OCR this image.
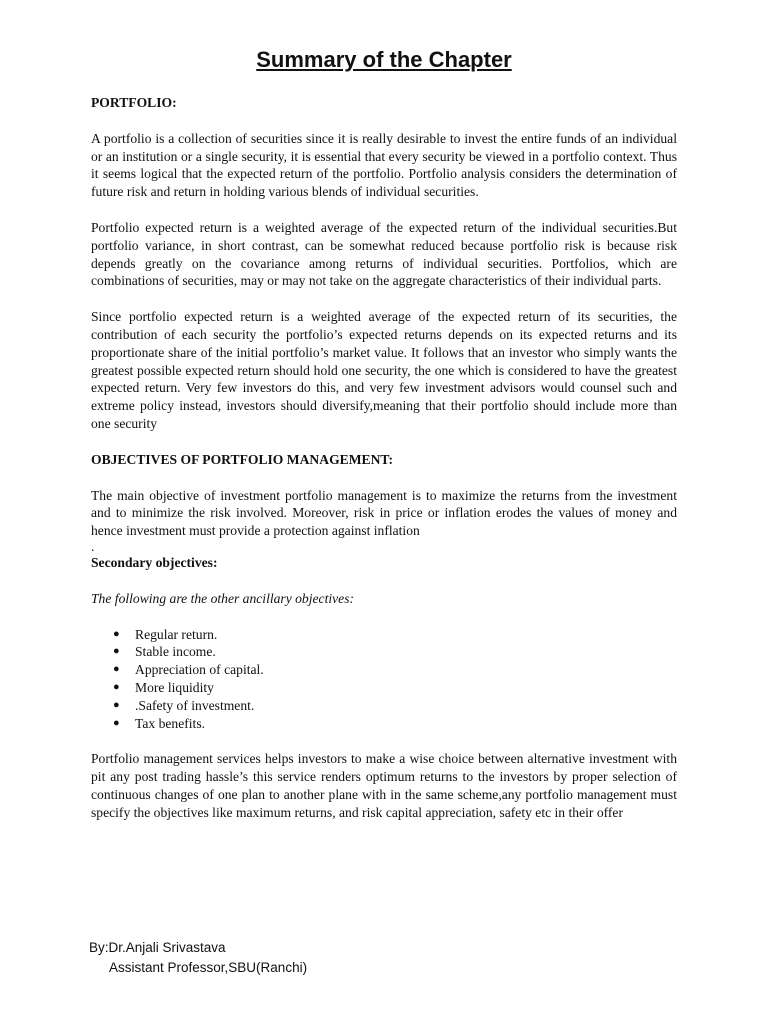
Summary of the Chapter

PORTFOLIO:

A portfolio is a collection of securities since it is really desirable to invest the entire funds of an individual or an institution or a single security, it is essential that every security be viewed in a portfolio context. Thus it seems logical that the expected return of the portfolio. Portfolio analysis considers the determination of future risk and return in holding various blends of individual securities.

Portfolio expected return is a weighted average of the expected return of the individual securities.But portfolio variance, in short contrast, can be somewhat reduced because portfolio risk is because risk depends greatly on the covariance among returns of individual securities. Portfolios, which are combinations of securities, may or may not take on the aggregate characteristics of their individual parts.

Since portfolio expected return is a weighted average of the expected return of its securities, the contribution of each security the portfolio’s expected returns depends on its expected returns and its proportionate share of the initial portfolio’s market value. It follows that an investor who simply wants the greatest possible expected return should hold one security, the one which is considered to have the greatest expected return. Very few investors do this, and very few investment advisors would counsel such and extreme policy instead, investors should diversify,meaning that their portfolio should include more than one security

OBJECTIVES OF PORTFOLIO MANAGEMENT:

The main objective of investment portfolio management is to maximize the returns from the investment and to minimize the risk involved. Moreover, risk in price or inflation erodes the values of money and hence investment must provide a protection against inflation

.

Secondary objectives:

The following are the other ancillary objectives:

● Regular return.
● Stable income.
● Appreciation of capital.
● More liquidity
● .Safety of investment.
● Tax benefits.

Portfolio management services helps investors to make a wise choice between alternative investment with pit any post trading hassle’s this service renders optimum returns to the investors by proper selection of continuous changes of one plan to another plane with in the same scheme,any portfolio management must specify the objectives like maximum returns, and risk capital appreciation, safety etc in their offer

By:Dr.Anjali Srivastava
Assistant Professor,SBU(Ranchi)
